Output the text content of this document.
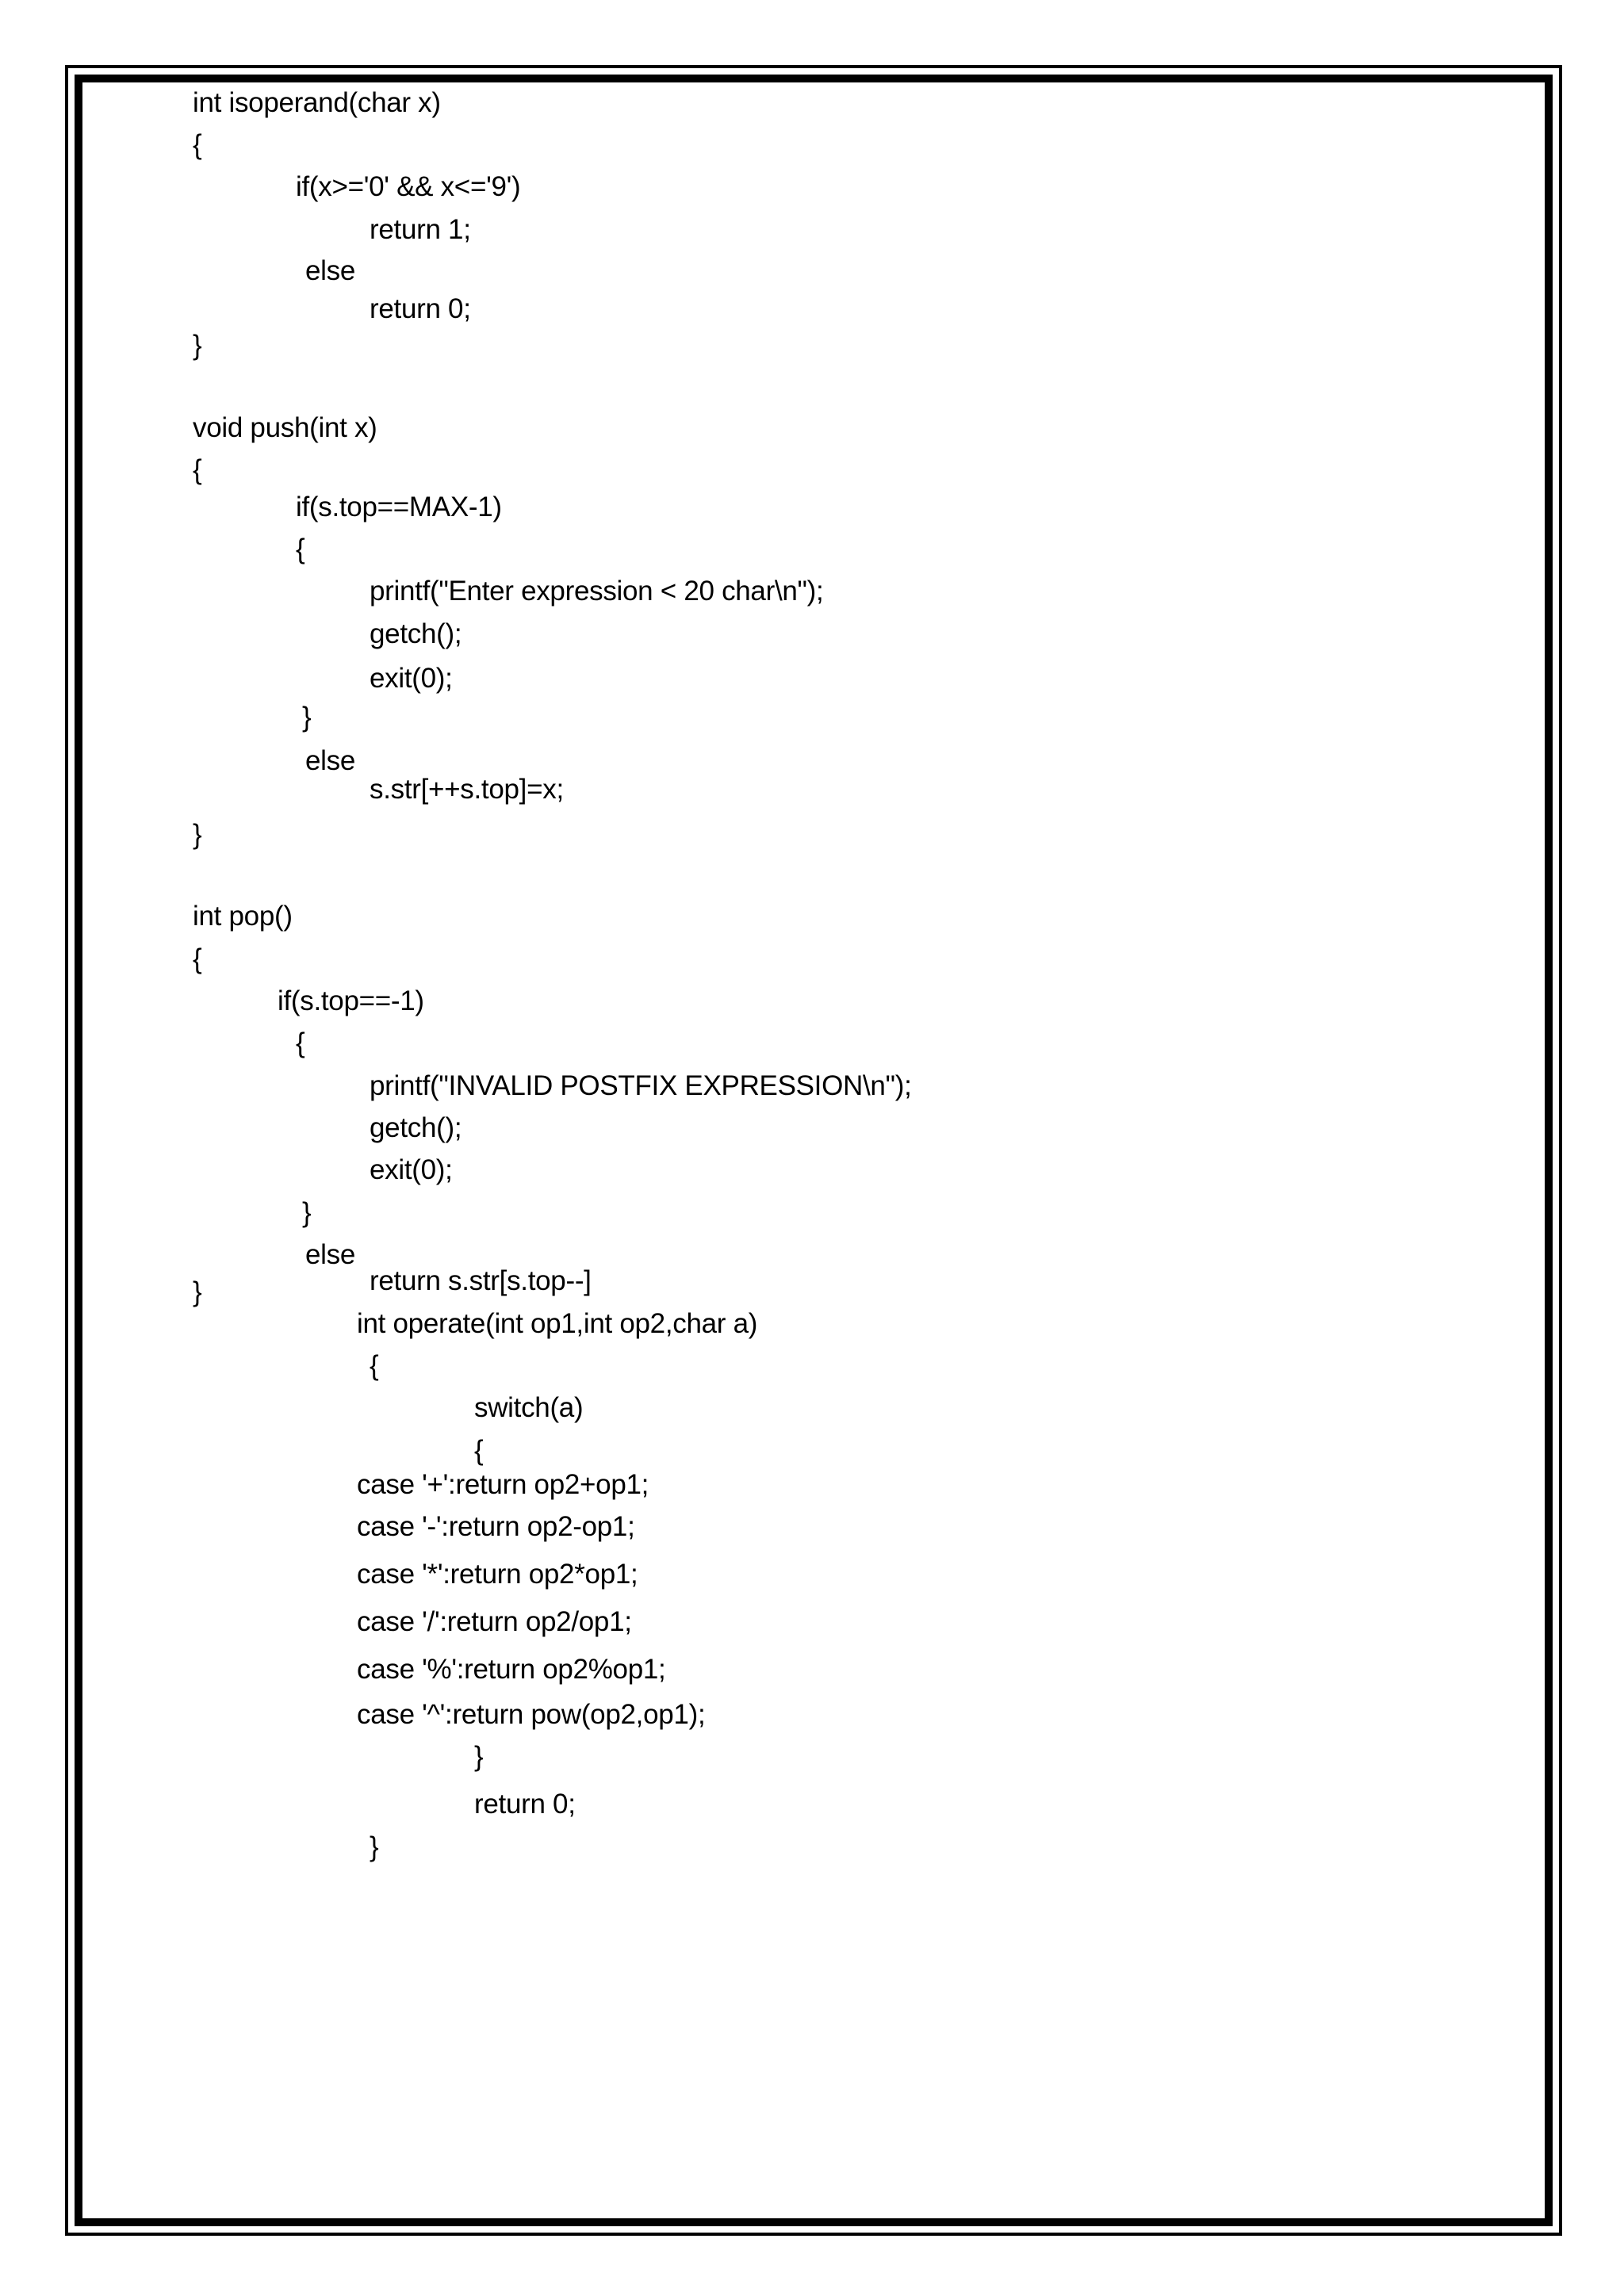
int isoperand(char x)
{
if(x>='0' && x<='9')
return 1;
else
return 0;
}
void push(int x)
{
if(s.top==MAX-1)
{
printf("Enter expression < 20 char\n");
getch();
exit(0);
}
else
s.str[++s.top]=x;
}
int pop()
{
if(s.top==-1)
{
printf("INVALID POSTFIX EXPRESSION\n");
getch();
exit(0);
}
else
return s.str[s.top--]
}
int operate(int op1,int op2,char a)
{
switch(a)
{
case '+':return op2+op1;
case '-':return op2-op1;
case '*':return op2*op1;
case '/':return op2/op1;
case '%':return op2%op1;
case '^':return pow(op2,op1);
}
return 0;
}
